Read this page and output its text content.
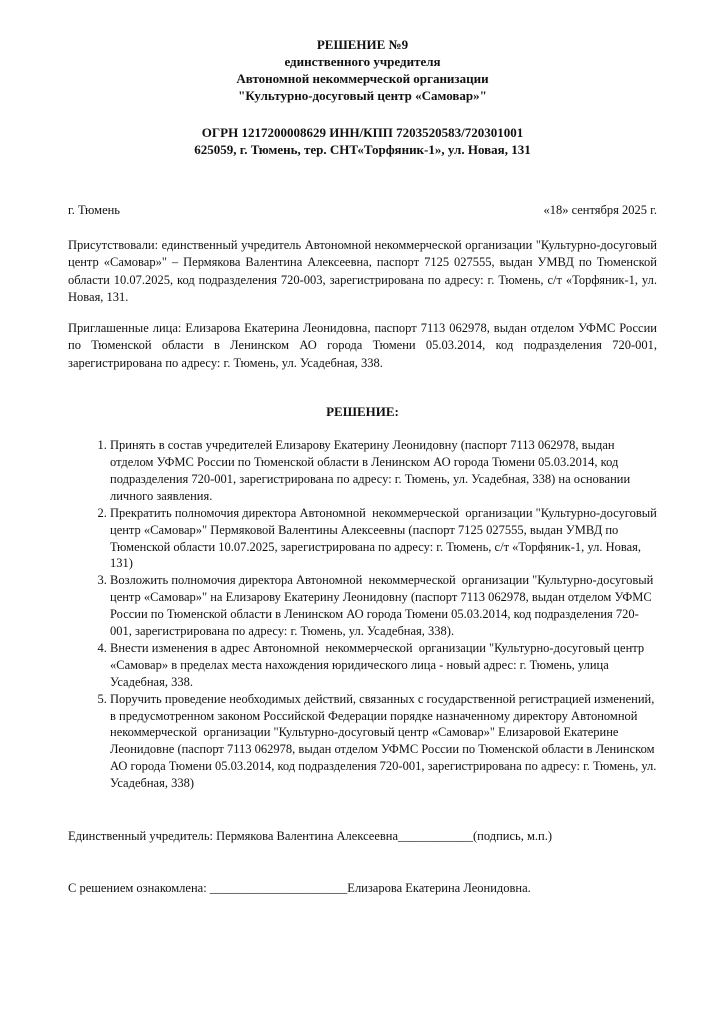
РЕШЕНИЕ №9
единственного учредителя
Автономной некоммерческой организации
"Культурно-досуговый центр «Самовар»"
ОГРН 1217200008629 ИНН/КПП 7203520583/720301001
625059, г. Тюмень, тер. СНТ«Торфяник-1», ул. Новая, 131
г. Тюмень	«18» сентября 2025 г.

Присутствовали: единственный учредитель Автономной некоммерческой организации "Культурно-досуговый центр «Самовар»" – Пермякова Валентина Алексеевна, паспорт 7125 027555, выдан УМВД по Тюменской области 10.07.2025, код подразделения 720-003, зарегистрирована по адресу: г. Тюмень, с/т «Торфяник-1, ул. Новая, 131.

Приглашенные лица: Елизарова Екатерина Леонидовна, паспорт 7113 062978, выдан отделом УФМС России по Тюменской области в Ленинском АО города Тюмени 05.03.2014, код подразделения 720-001, зарегистрирована по адресу: г. Тюмень, ул. Усадебная, 338.

РЕШЕНИЕ:
1. Принять в состав учредителей Елизарову Екатерину Леонидовну (паспорт 7113 062978, выдан отделом УФМС России по Тюменской области в Ленинском АО города Тюмени 05.03.2014, код подразделения 720-001, зарегистрирована по адресу: г. Тюмень, ул. Усадебная, 338) на основании личного заявления.
2. Прекратить полномочия директора Автономной  некоммерческой  организации "Культурно-досуговый центр «Самовар»" Пермяковой Валентины Алексеевны (паспорт 7125 027555, выдан УМВД по Тюменской области 10.07.2025, зарегистрирована по адресу: г. Тюмень, с/т «Торфяник-1, ул. Новая, 131)
3. Возложить полномочия директора Автономной  некоммерческой  организации "Культурно-досуговый центр «Самовар»" на Елизарову Екатерину Леонидовну (паспорт 7113 062978, выдан отделом УФМС России по Тюменской области в Ленинском АО города Тюмени 05.03.2014, код подразделения 720-001, зарегистрирована по адресу: г. Тюмень, ул. Усадебная, 338).
4. Внести изменения в адрес Автономной  некоммерческой  организации "Культурно-досуговый центр «Самовар» в пределах места нахождения юридического лица - новый адрес: г. Тюмень, улица Усадебная, 338.
5. Поручить проведение необходимых действий, связанных с государственной регистрацией изменений, в предусмотренном законом Российской Федерации порядке назначенному директору Автономной  некоммерческой  организации "Культурно-досуговый центр «Самовар»" Елизаровой Екатерине Леонидовне (паспорт 7113 062978, выдан отделом УФМС России по Тюменской области в Ленинском АО города Тюмени 05.03.2014, код подразделения 720-001, зарегистрирована по адресу: г. Тюмень, ул. Усадебная, 338)
Единственный учредитель: Пермякова Валентина Алексеевна____________(подпись, м.п.)
С решением ознакомлена: ______________________Елизарова Екатерина Леонидовна.
